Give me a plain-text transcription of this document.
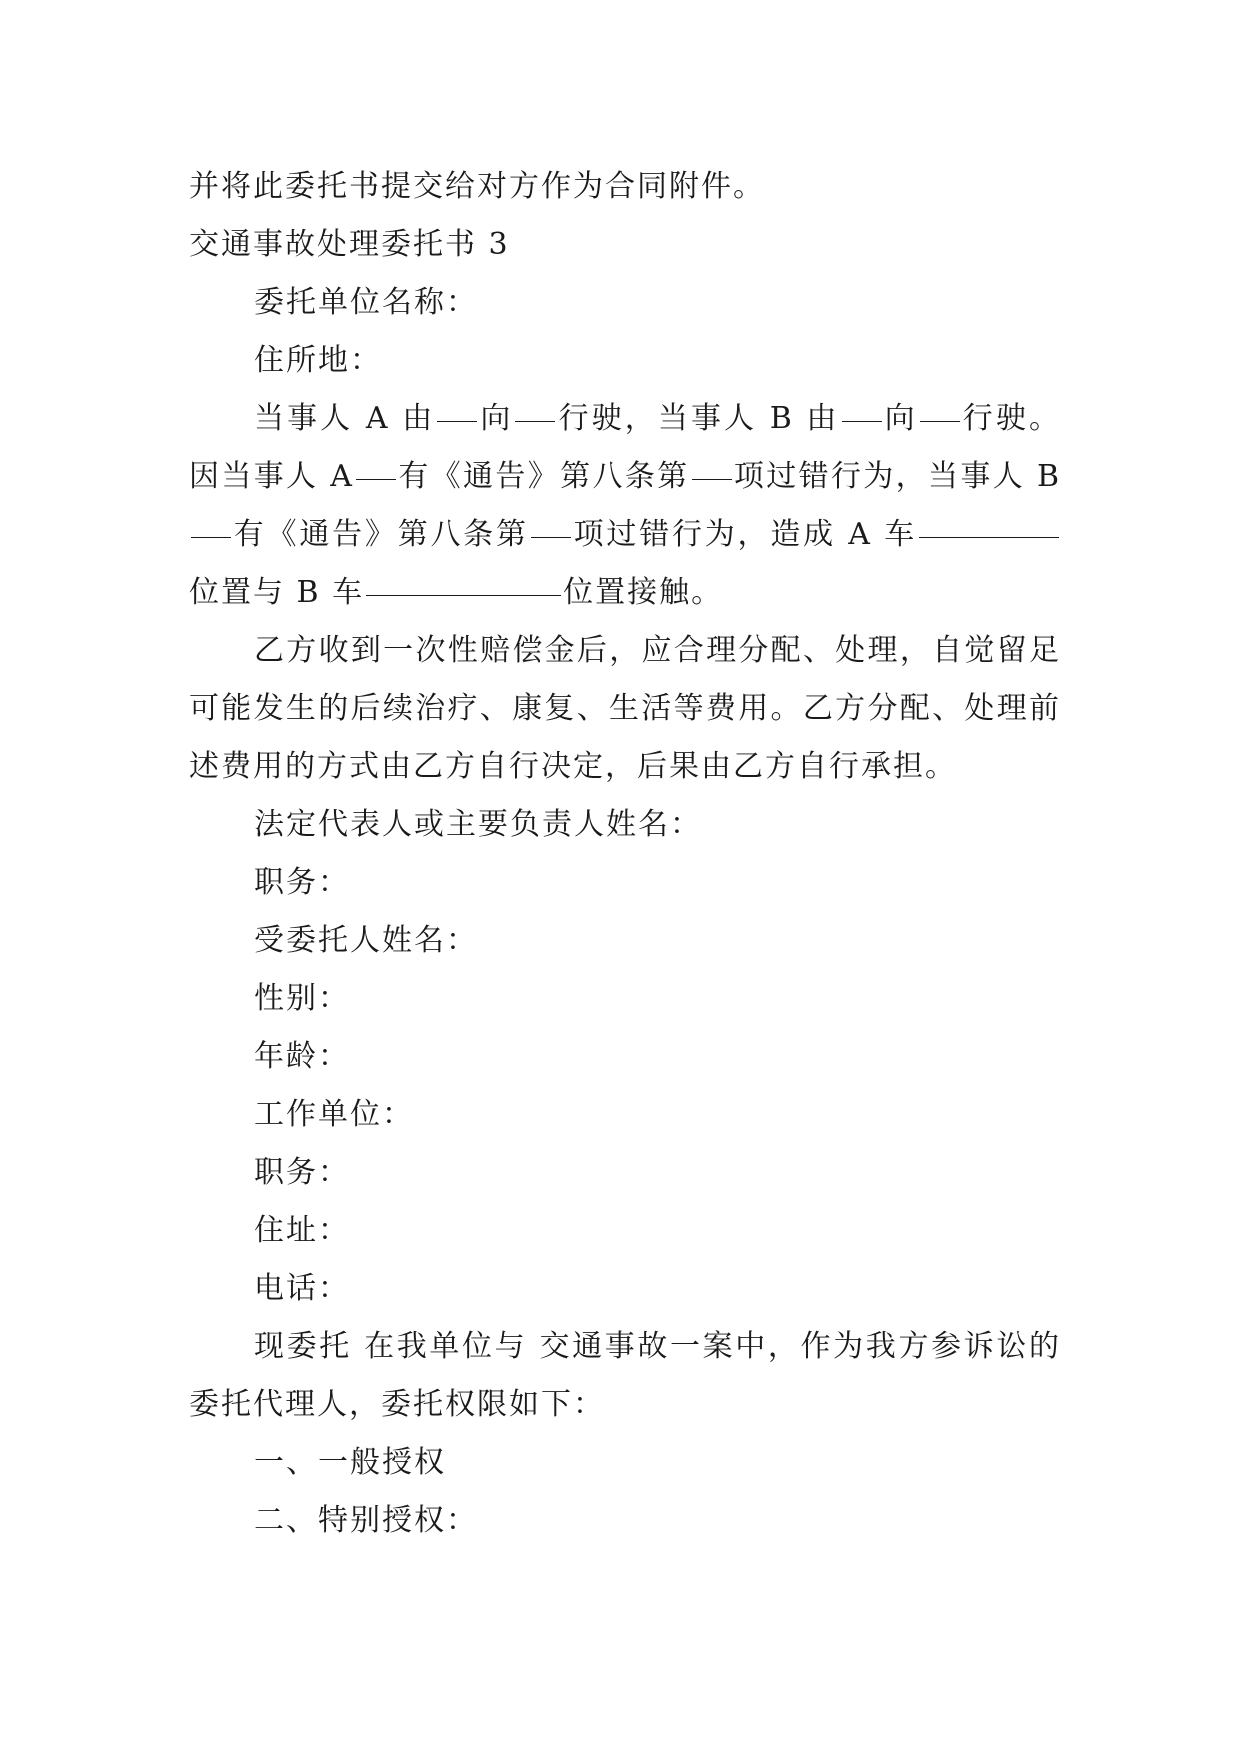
并将此委托书提交给对方作为合同附件。

交通事故处理委托书 3

委托单位名称：

住所地：

当事人 A 由 向 行驶，当事人 B 由 向 行驶。因当事人 A 有《通告》第八条第 项过错行为，当事人 B有《通告》第八条第 项过错行为，造成 A 车位置与 B 车	位置接触。

乙方收到一次性赔偿金后，应合理分配、处理，自觉留足可能发生的后续治疗、康复、生活等费用。乙方分配、处理前述费用的方式由乙方自行决定，后果由乙方自行承担。

法定代表人或主要负责人姓名：

职务：

受委托人姓名：

性别：

年龄：

工作单位：

职务：

住址：

电话：

现委托 在我单位与 交通事故一案中，作为我方参诉讼的委托代理人，委托权限如下：

一、一般授权

二、特别授权：
